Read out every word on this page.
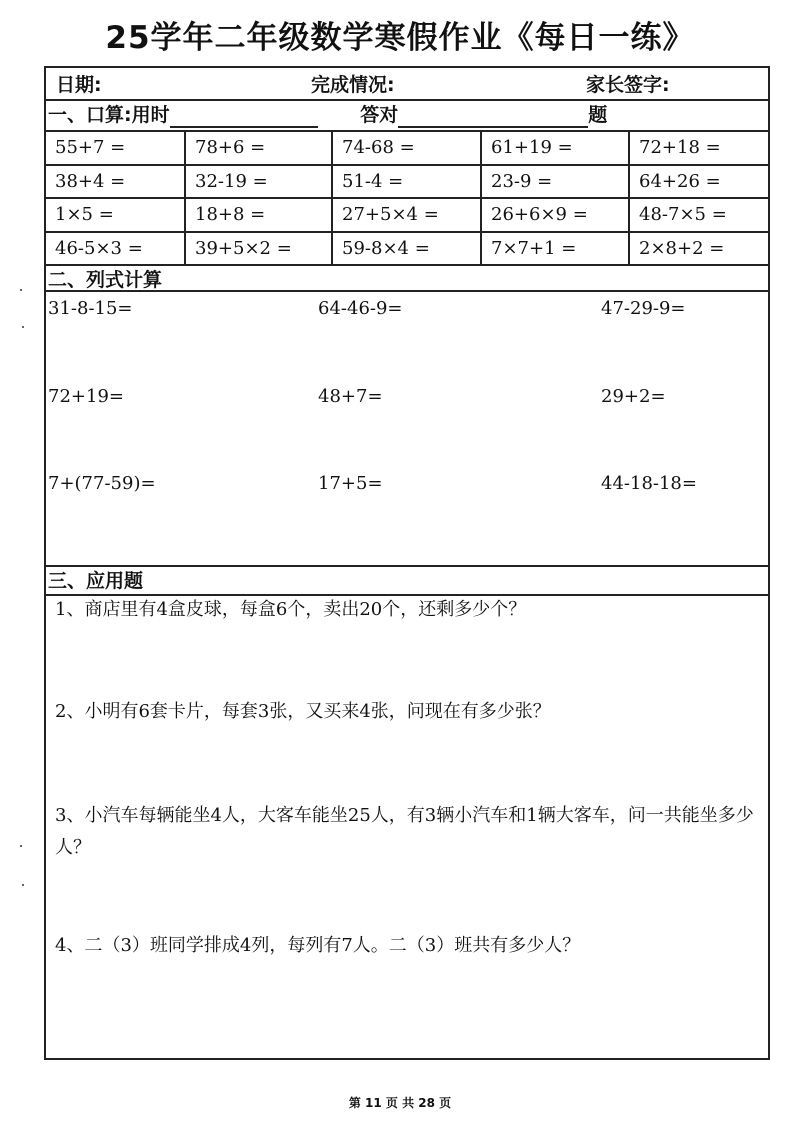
25学年二年级数学寒假作业《每日一练》
日期:	完成情况:	家长签字:
一、口算:用时	答对	题
55+7 =	78+6 =	74-68 =	61+19 =	72+18 =
38+4 =	32-19 =	51-4 =	23-9 =	64+26 =
1×5 =	18+8 =	27+5×4 =	26+6×9 =	48-7×5 =
46-5×3 =	39+5×2 =	59-8×4 =	7×7+1 =	2×8+2 =
二、列式计算
31-8-15=	64-46-9=	47-29-9=
72+19=	48+7=	29+2=
7+(77-59)=	17+5=	44-18-18=
三、应用题
1、商店里有4盒皮球，每盒6个，卖出20个，还剩多少个？
2、小明有6套卡片，每套3张，又买来4张，问现在有多少张？
3、小汽车每辆能坐4人，大客车能坐25人，有3辆小汽车和1辆大客车，问一共能坐多少人？
4、二（3）班同学排成4列，每列有7人。二（3）班共有多少人？
第 11 页 共 28 页
